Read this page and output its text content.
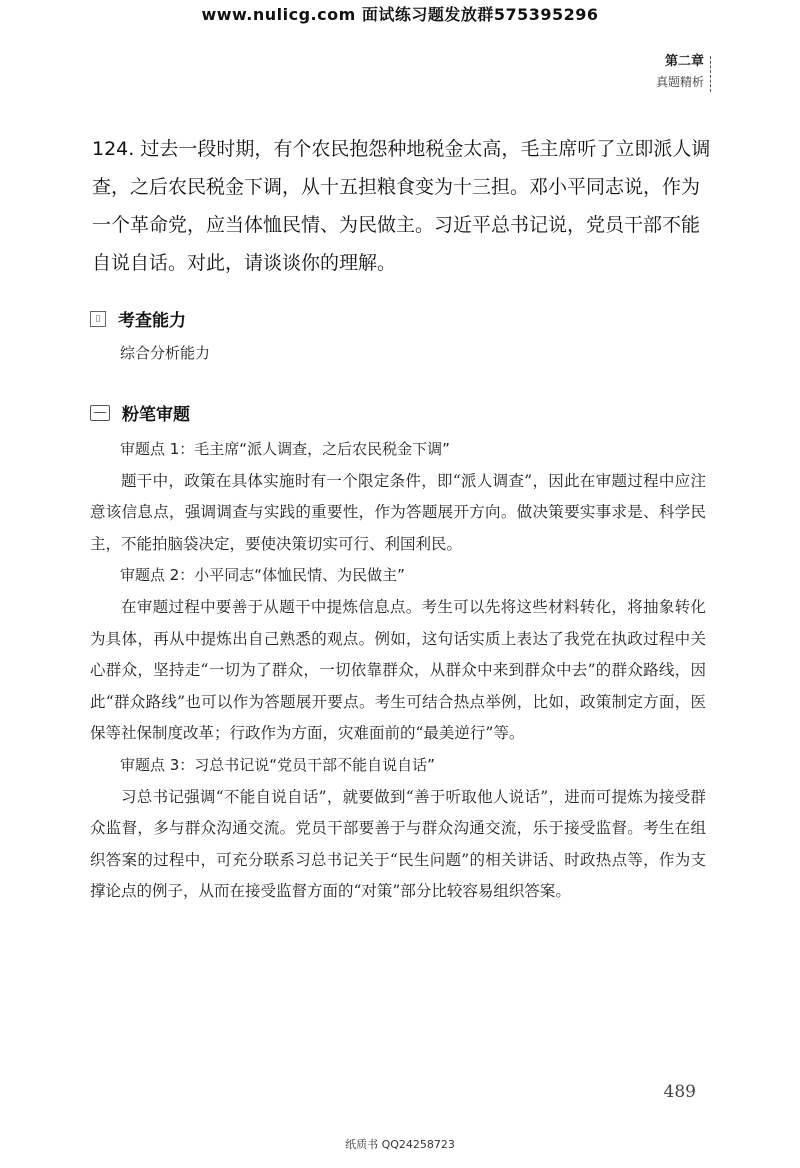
www.nulicg.com 面试练习题发放群575395296
第二章
真题精析
124. 过去一段时期，有个农民抱怨种地税金太高，毛主席听了立即派人调查，之后农民税金下调，从十五担粮食变为十三担。邓小平同志说，作为一个革命党，应当体恤民情、为民做主。习近平总书记说，党员干部不能自说自话。对此，请谈谈你的理解。
▯	考查能力
综合分析能力
粉笔审题

审题点 1：毛主席“派人调查，之后农民税金下调”

题干中，政策在具体实施时有一个限定条件，即“派人调查”，因此在审题过程中应注意该信息点，强调调查与实践的重要性，作为答题展开方向。做决策要实事求是、科学民主，不能拍脑袋决定，要使决策切实可行、利国利民。

审题点 2：小平同志“体恤民情、为民做主”

在审题过程中要善于从题干中提炼信息点。考生可以先将这些材料转化，将抽象转化为具体，再从中提炼出自己熟悉的观点。例如，这句话实质上表达了我党在执政过程中关心群众，坚持走“一切为了群众，一切依靠群众，从群众中来到群众中去”的群众路线，因此“群众路线”也可以作为答题展开要点。考生可结合热点举例，比如，政策制定方面，医保等社保制度改革；行政作为方面，灾难面前的“最美逆行”等。

审题点 3：习总书记说“党员干部不能自说自话”

习总书记强调“不能自说自话”，就要做到“善于听取他人说话”，进而可提炼为接受群众监督，多与群众沟通交流。党员干部要善于与群众沟通交流，乐于接受监督。考生在组织答案的过程中，可充分联系习总书记关于“民生问题”的相关讲话、时政热点等，作为支撑论点的例子，从而在接受监督方面的“对策”部分比较容易组织答案。

489
纸质书 QQ24258723
